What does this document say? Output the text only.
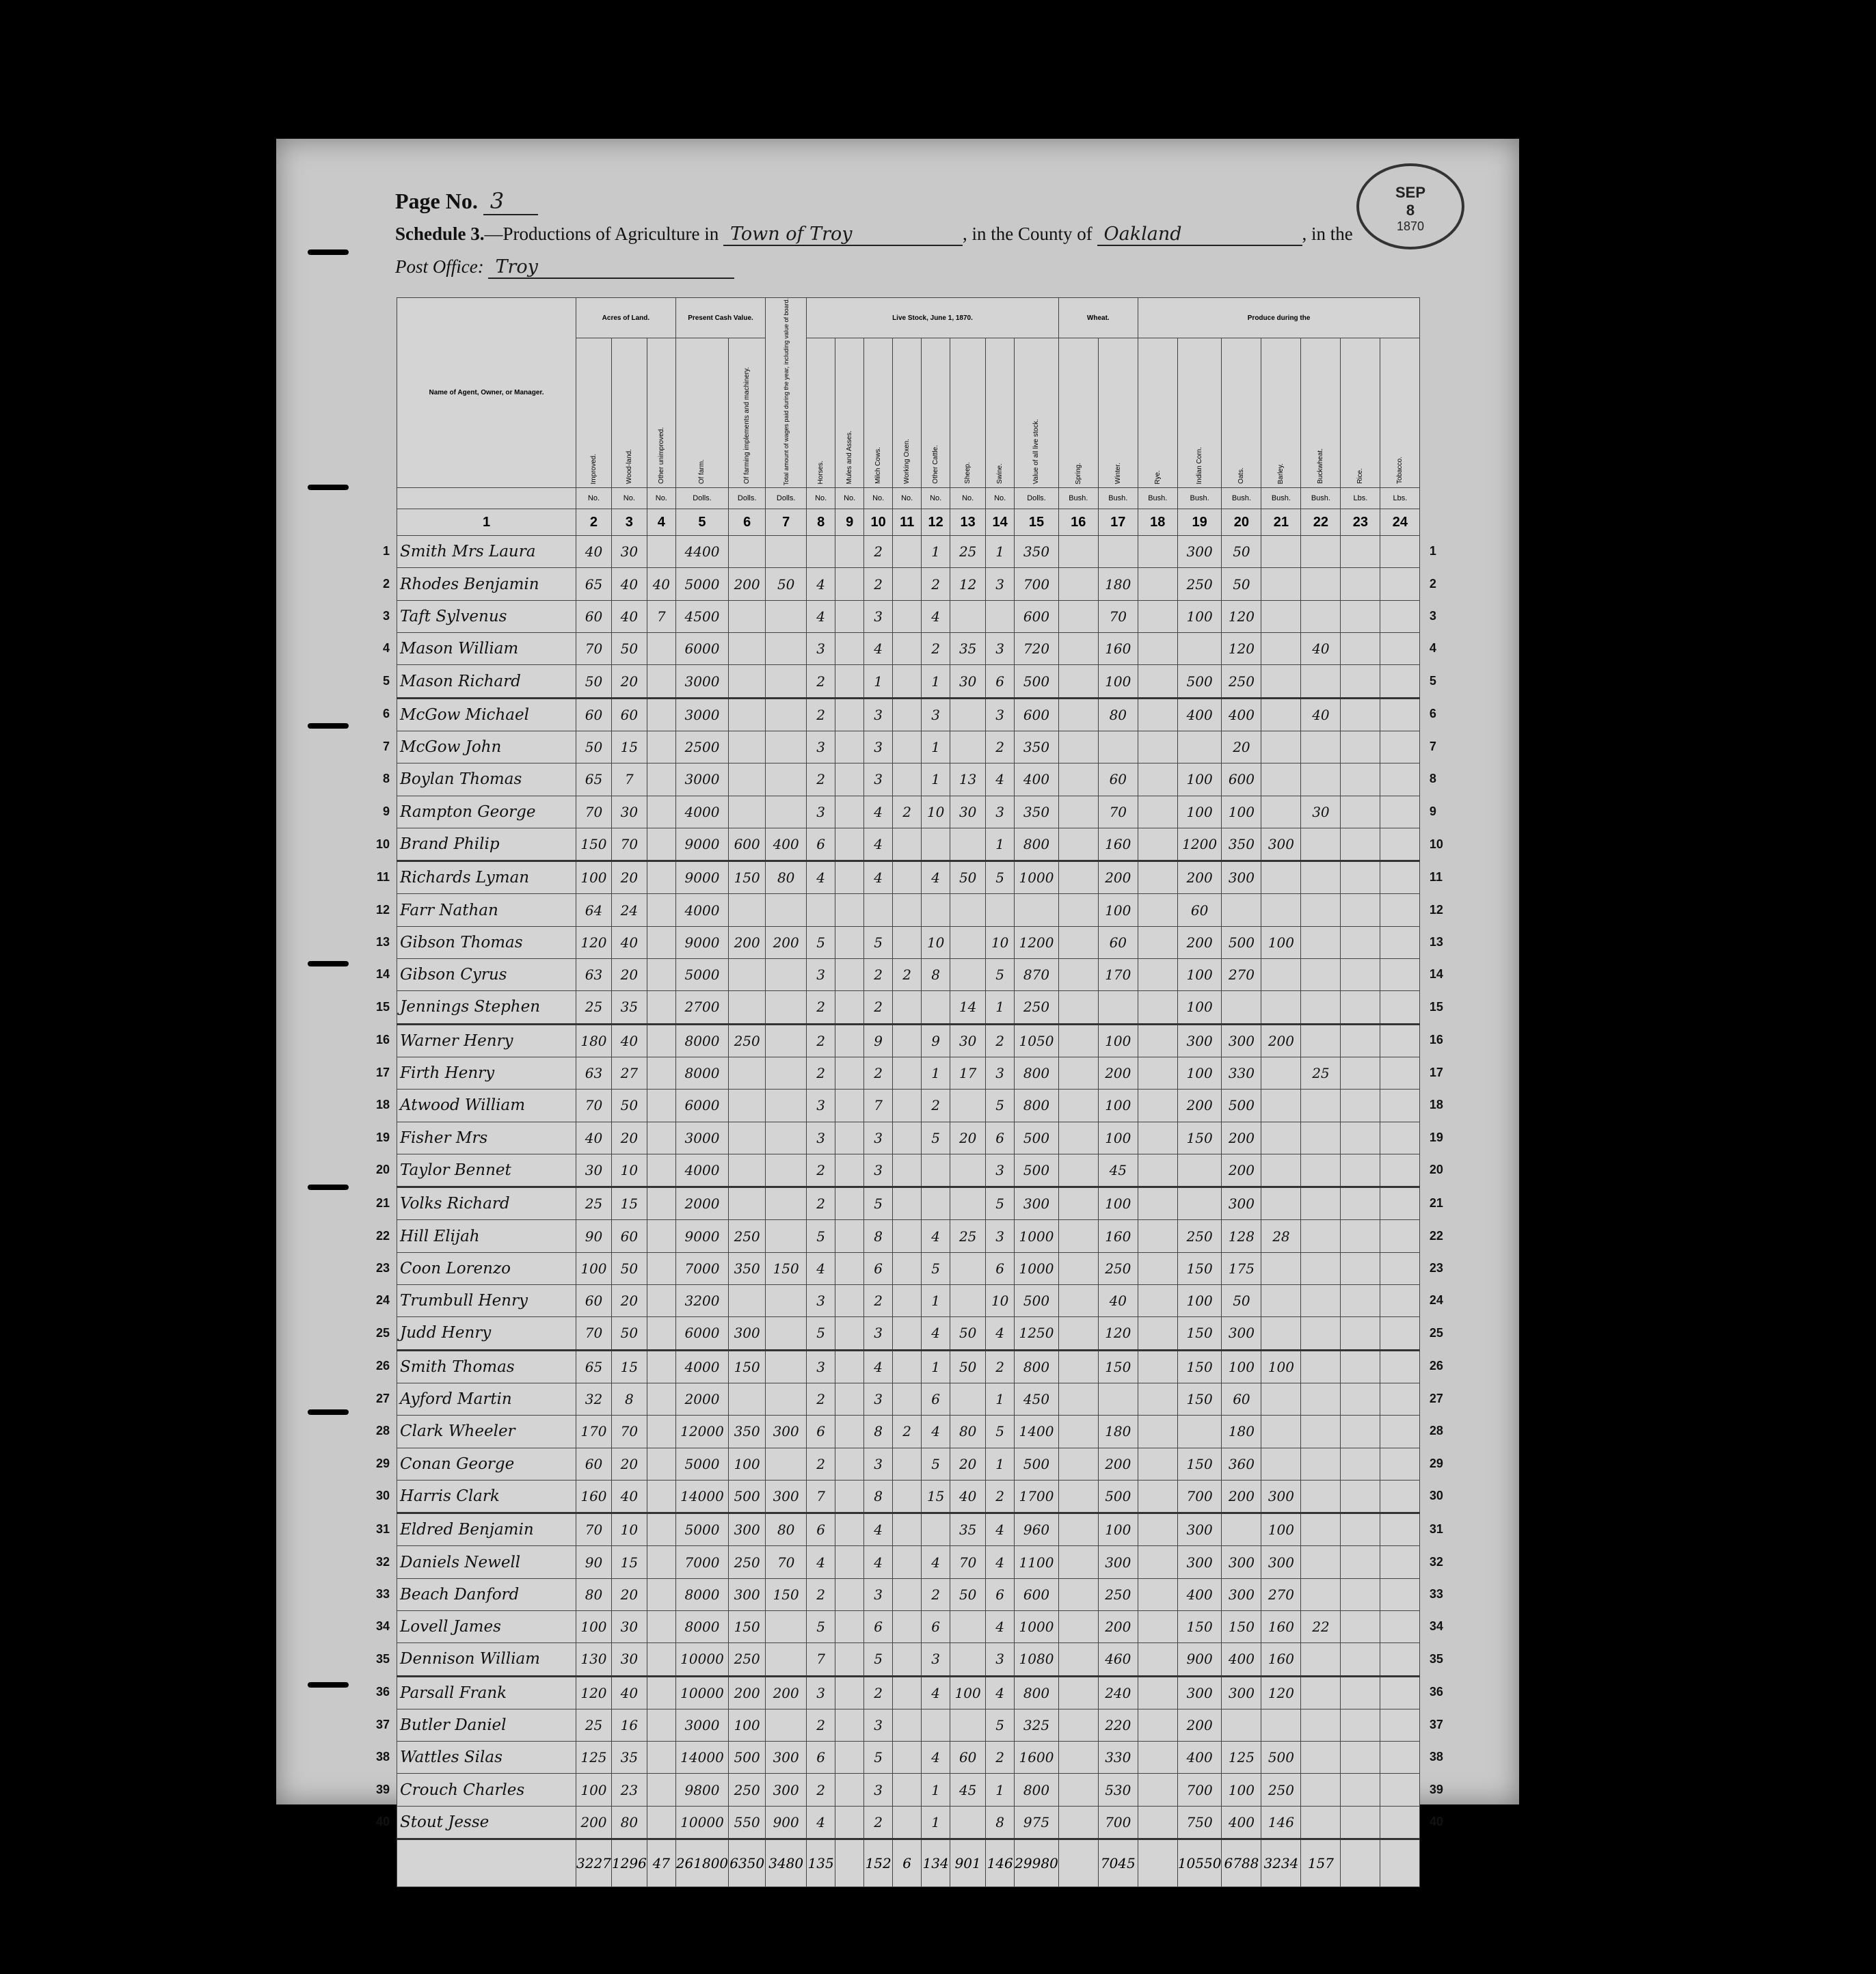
Page No. 3
Schedule 3.—Productions of Agriculture in Town of Troy	, in the County of Oakland	, in the
Post Office: Troy
SEP
8
1870
Name of Agent, Owner, or Manager.	Acres of Land.			Present Cash Value.		Total amount of wages paid during the year, including value of board.	Live Stock, June 1, 1870.								Wheat.		Produce during the						
	Improved.	Wood-land.	Other unimproved.	Of farm.	Of farming implements and machinery.		Horses.	Mules and Asses.	Milch Cows.	Working Oxen.	Other Cattle.	Sheep.	Swine.	Value of all live stock.	Spring.	Winter.	Rye.	Indian Corn.	Oats.	Barley.	Buckwheat.	Rice.	Tobacco.
	No.	No.	No.	Dolls.	Dolls.	Dolls.	No.	No.	No.	No.	No.	No.	No.	Dolls.	Bush.	Bush.	Bush.	Bush.	Bush.	Bush.	Bush.	Lbs.	Lbs.
1	2	3	4	5	6	7	8	9	10	11	12	13	14	15	16	17	18	19	20	21	22	23	24
Smith Mrs Laura	40	30		4400					2		1	25	1	350				300	50				
Rhodes Benjamin	65	40	40	5000	200	50	4		2		2	12	3	700		180		250	50				
Taft Sylvenus	60	40	7	4500			4		3		4			600		70		100	120				
Mason William	70	50		6000			3		4		2	35	3	720		160			120		40		
Mason Richard	50	20		3000			2		1		1	30	6	500		100		500	250				
McGow Michael	60	60		3000			2		3		3		3	600		80		400	400		40		
McGow John	50	15		2500			3		3		1		2	350					20				
Boylan Thomas	65	7		3000			2		3		1	13	4	400		60		100	600				
Rampton George	70	30		4000			3		4	2	10	30	3	350		70		100	100		30		
Brand Philip	150	70		9000	600	400	6		4				1	800		160		1200	350	300			
Richards Lyman	100	20		9000	150	80	4		4		4	50	5	1000		200		200	300				
Farr Nathan	64	24		4000												100		60					
Gibson Thomas	120	40		9000	200	200	5		5		10		10	1200		60		200	500	100			
Gibson Cyrus	63	20		5000			3		2	2	8		5	870		170		100	270				
Jennings Stephen	25	35		2700			2		2			14	1	250				100					
Warner Henry	180	40		8000	250		2		9		9	30	2	1050		100		300	300	200			
Firth Henry	63	27		8000			2		2		1	17	3	800		200		100	330		25		
Atwood William	70	50		6000			3		7		2		5	800		100		200	500				
Fisher Mrs	40	20		3000			3		3		5	20	6	500		100		150	200				
Taylor Bennet	30	10		4000			2		3				3	500		45			200				
Volks Richard	25	15		2000			2		5				5	300		100			300				
Hill Elijah	90	60		9000	250		5		8		4	25	3	1000		160		250	128	28			
Coon Lorenzo	100	50		7000	350	150	4		6		5		6	1000		250		150	175				
Trumbull Henry	60	20		3200			3		2		1		10	500		40		100	50				
Judd Henry	70	50		6000	300		5		3		4	50	4	1250		120		150	300				
Smith Thomas	65	15		4000	150		3		4		1	50	2	800		150		150	100	100			
Ayford Martin	32	8		2000			2		3		6		1	450				150	60				
Clark Wheeler	170	70		12000	350	300	6		8	2	4	80	5	1400		180			180				
Conan George	60	20		5000	100		2		3		5	20	1	500		200		150	360				
Harris Clark	160	40		14000	500	300	7		8		15	40	2	1700		500		700	200	300			
Eldred Benjamin	70	10		5000	300	80	6		4			35	4	960		100		300		100			
Daniels Newell	90	15		7000	250	70	4		4		4	70	4	1100		300		300	300	300			
Beach Danford	80	20		8000	300	150	2		3		2	50	6	600		250		400	300	270			
Lovell James	100	30		8000	150		5		6		6		4	1000		200		150	150	160	22		
Dennison William	130	30		10000	250		7		5		3		3	1080		460		900	400	160			
Parsall Frank	120	40		10000	200	200	3		2		4	100	4	800		240		300	300	120			
Butler Daniel	25	16		3000	100		2		3				5	325		220		200					
Wattles Silas	125	35		14000	500	300	6		5		4	60	2	1600		330		400	125	500			
Crouch Charles	100	23		9800	250	300	2		3		1	45	1	800		530		700	100	250			
Stout Jesse	200	80		10000	550	900	4		2		1		8	975		700		750	400	146			
	3227	1296	47	261800	6350	3480	135		152	6	134	901	146	29980		7045		10550	6788	3234	157		
1	1
2	2
3	3
4	4
5	5
6	6
7	7
8	8
9	9
10	10
11	11
12	12
13	13
14	14
15	15
16	16
17	17
18	18
19	19
20	20
21	21
22	22
23	23
24	24
25	25
26	26
27	27
28	28
29	29
30	30
31	31
32	32
33	33
34	34
35	35
36	36
37	37
38	38
39	39
40	40
